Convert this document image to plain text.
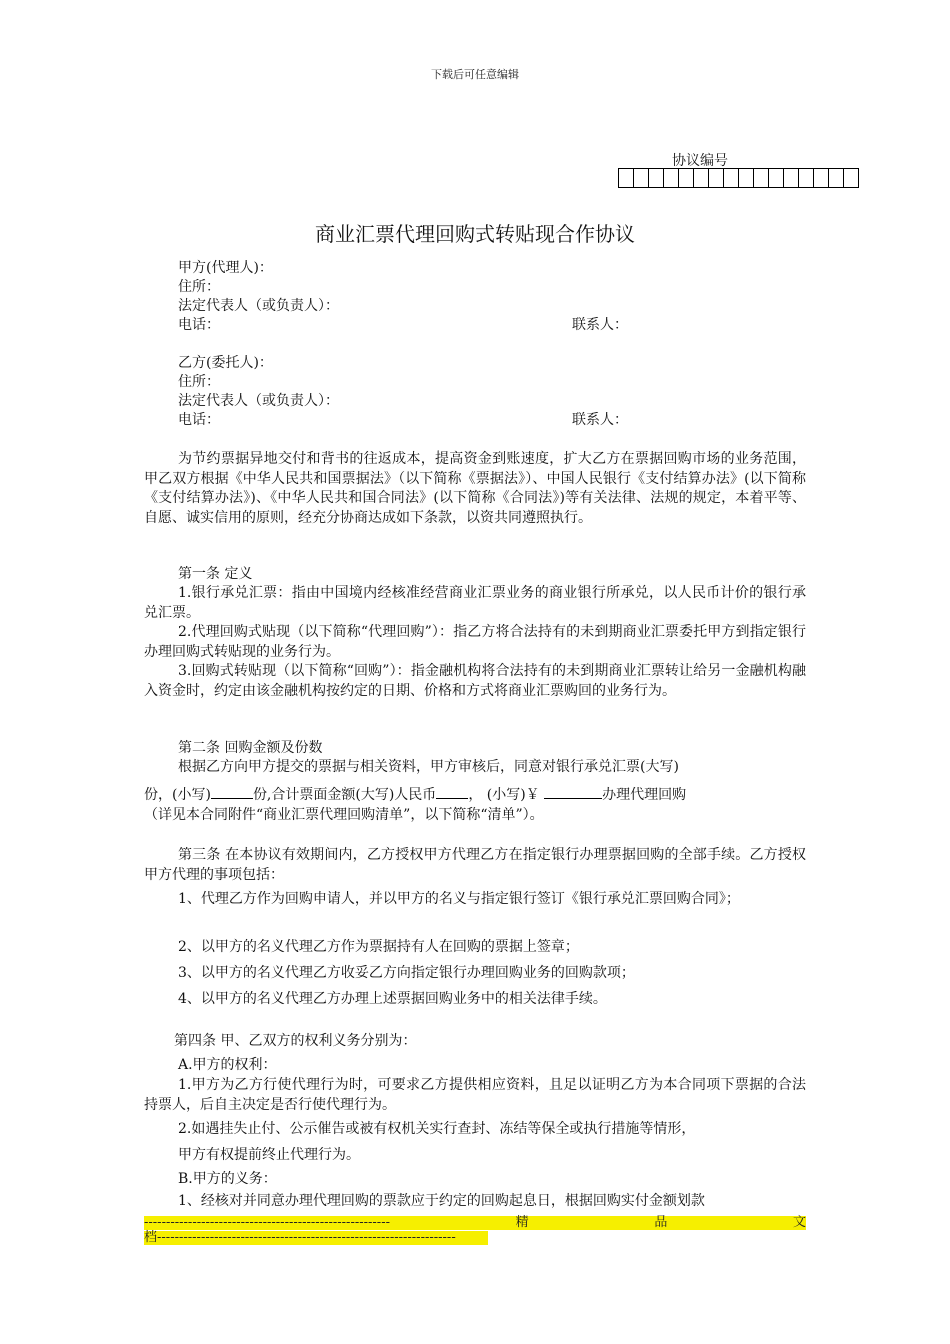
下载后可任意编辑
协议编号
商业汇票代理回购式转贴现合作协议
甲方(代理人)：
住所：
法定代表人（或负责人）：
电话：	联系人：
乙方(委托人)：
住所：
法定代表人（或负责人）：
电话：	联系人：
为节约票据异地交付和背书的往返成本，提高资金到账速度，扩大乙方在票据回购市场的业务范围，甲乙双方根据《中华人民共和国票据法》（以下简称《票据法》）、中国人民银行《支付结算办法》(以下简称《支付结算办法》)、《中华人民共和国合同法》(以下简称《合同法》)等有关法律、法规的规定，本着平等、自愿、诚实信用的原则，经充分协商达成如下条款，以资共同遵照执行。
第一条 定义
1.银行承兑汇票：指由中国境内经核准经营商业汇票业务的商业银行所承兑，以人民币计价的银行承兑汇票。
2.代理回购式贴现（以下简称“代理回购”）：指乙方将合法持有的未到期商业汇票委托甲方到指定银行办理回购式转贴现的业务行为。
3.回购式转贴现（以下简称“回购”）：指金融机构将合法持有的未到期商业汇票转让给另一金融机构融入资金时，约定由该金融机构按约定的日期、价格和方式将商业汇票购回的业务行为。
第二条 回购金额及份数
根据乙方向甲方提交的票据与相关资料，甲方审核后，同意对银行承兑汇票(大写)
份，(小写)	份,合计票面金额(大写)人民币 ， (小写)￥	办理代理回购
（详见本合同附件“商业汇票代理回购清单”，以下简称“清单”）。
第三条 在本协议有效期间内，乙方授权甲方代理乙方在指定银行办理票据回购的全部手续。乙方授权甲方代理的事项包括：
1、代理乙方作为回购申请人，并以甲方的名义与指定银行签订《银行承兑汇票回购合同》；
2、以甲方的名义代理乙方作为票据持有人在回购的票据上签章；
3、以甲方的名义代理乙方收妥乙方向指定银行办理回购业务的回购款项；
4、以甲方的名义代理乙方办理上述票据回购业务中的相关法律手续。
第四条 甲、乙双方的权利义务分别为：
A.甲方的权利：
1.甲方为乙方行使代理行为时，可要求乙方提供相应资料，且足以证明乙方为本合同项下票据的合法持票人，后自主决定是否行使代理行为。
2.如遇挂失止付、公示催告或被有权机关实行查封、冻结等保全或执行措施等情形，
甲方有权提前终止代理行为。
B.甲方的义务：
1、经核对并同意办理代理回购的票款应于约定的回购起息日，根据回购实付金额划款
--------------------------------------------------------	精	品	文
档--------------------------------------------------------------------
